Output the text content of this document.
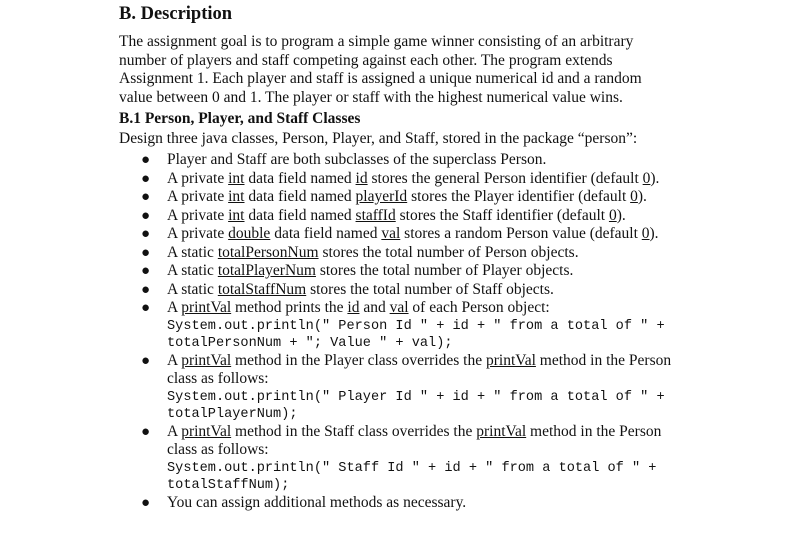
B. Description

The assignment goal is to program a simple game winner consisting of an arbitrary
number of players and staff competing against each other. The program extends
Assignment 1. Each player and staff is assigned a unique numerical id and a random
value between 0 and 1. The player or staff with the highest numerical value wins.

B.1 Person, Player, and Staff Classes

Design three java classes, Person, Player, and Staff, stored in the package “person”:

● Player and Staff are both subclasses of the superclass Person.
● A private int data field named id stores the general Person identifier (default 0).
● A private int data field named playerId stores the Player identifier (default 0).
● A private int data field named staffId stores the Staff identifier (default 0).
● A private double data field named val stores a random Person value (default 0).
● A static totalPersonNum stores the total number of Person objects.
● A static totalPlayerNum stores the total number of Player objects.
● A static totalStaffNum stores the total number of Staff objects.
● A printVal method prints the id and val of each Person object:
System.out.println(" Person Id " + id + " from a total of " +
totalPersonNum + "; Value " + val);
● A printVal method in the Player class overrides the printVal method in the Person
class as follows:
System.out.println(" Player Id " + id + " from a total of " +
totalPlayerNum);
● A printVal method in the Staff class overrides the printVal method in the Person
class as follows:
System.out.println(" Staff Id " + id + " from a total of " +
totalStaffNum);
● You can assign additional methods as necessary.
